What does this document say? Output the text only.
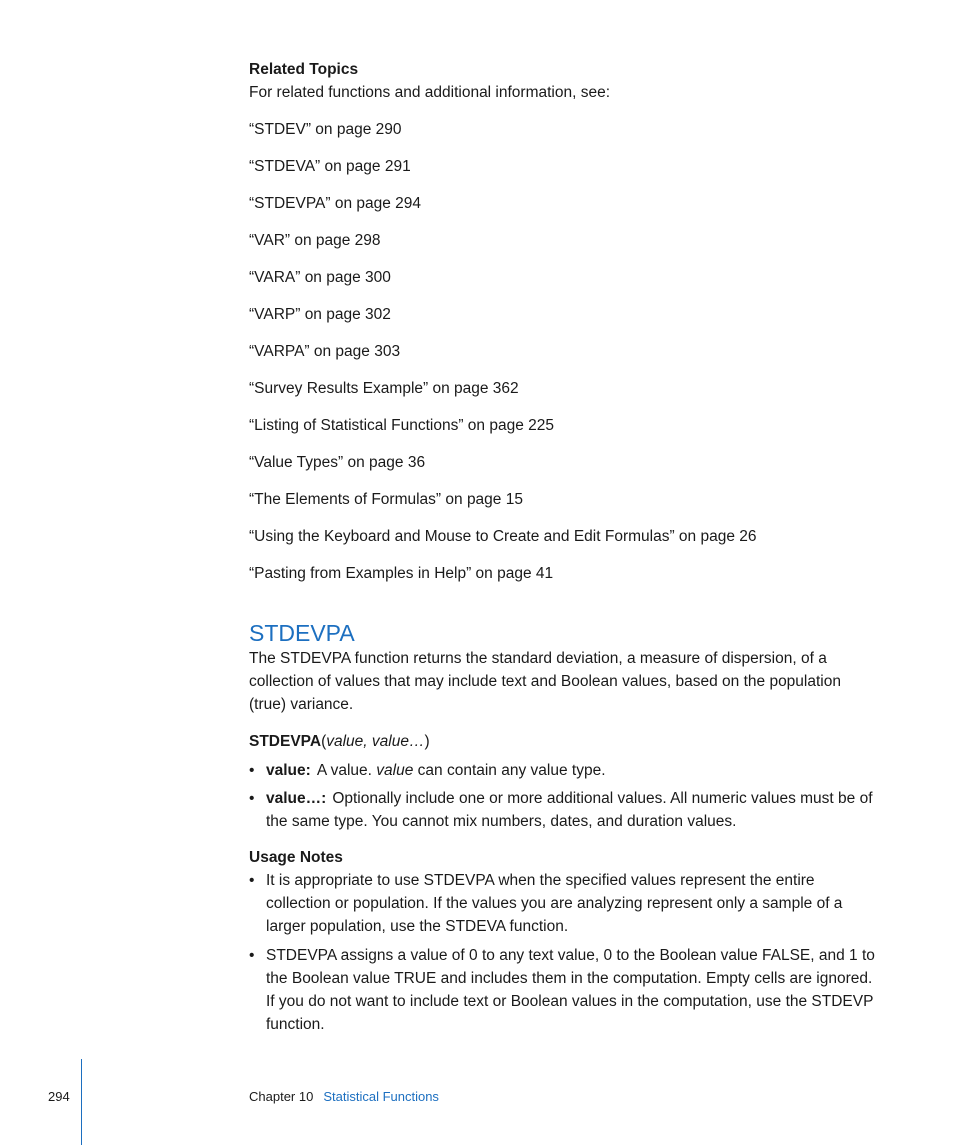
Related Topics

For related functions and additional information, see:

“STDEV” on page 290
“STDEVA” on page 291
“STDEVPA” on page 294
“VAR” on page 298
“VARA” on page 300
“VARP” on page 302
“VARPA” on page 303
“Survey Results Example” on page 362
“Listing of Statistical Functions” on page 225
“Value Types” on page 36
“The Elements of Formulas” on page 15
“Using the Keyboard and Mouse to Create and Edit Formulas” on page 26
“Pasting from Examples in Help” on page 41
STDEVPA

The STDEVPA function returns the standard deviation, a measure of dispersion, of a collection of values that may include text and Boolean values, based on the population (true) variance.

STDEVPA(value, value…)

• value: A value. value can contain any value type.
• value…: Optionally include one or more additional values. All numeric values must be of the same type. You cannot mix numbers, dates, and duration values.
Usage Notes
• It is appropriate to use STDEVPA when the specified values represent the entire collection or population. If the values you are analyzing represent only a sample of a larger population, use the STDEVA function.
• STDEVPA assigns a value of 0 to any text value, 0 to the Boolean value FALSE, and 1 to the Boolean value TRUE and includes them in the computation. Empty cells are ignored. If you do not want to include text or Boolean values in the computation, use the STDEVP function.
294	Chapter 10 Statistical Functions
